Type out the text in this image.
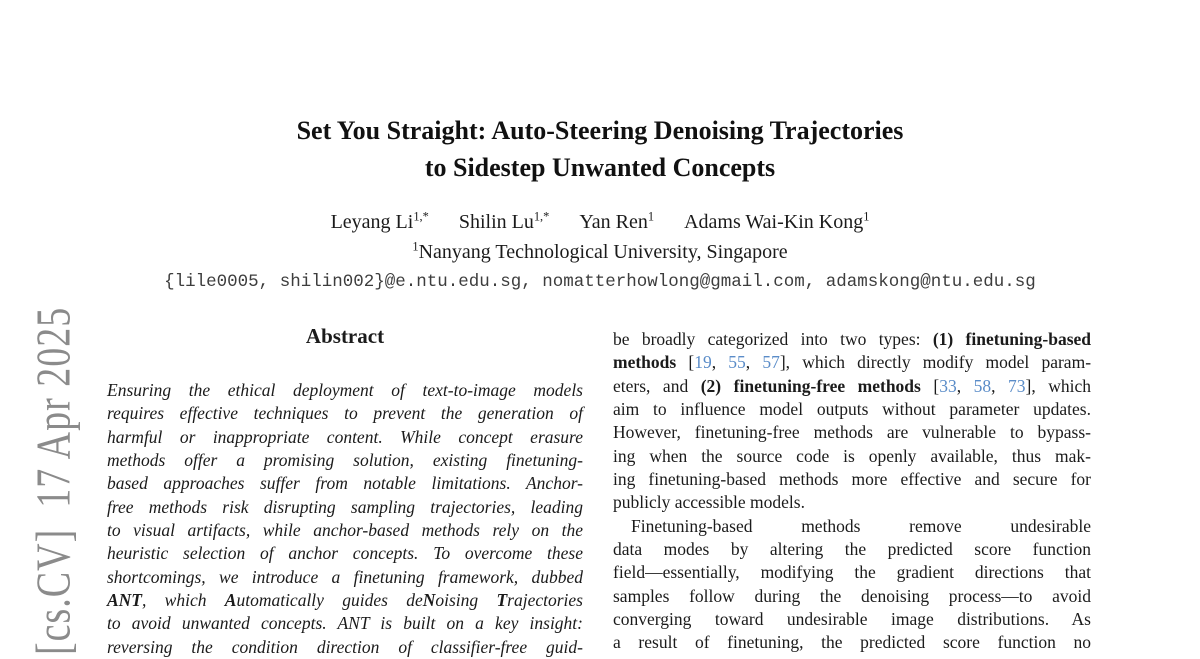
[cs.CV]  17 Apr 2025
Set You Straight: Auto-Steering Denoising Trajectories
to Sidestep Unwanted Concepts
Leyang $Li^{1,*}$ Shilin $Lu^{1,*}$ Yan Ren$^1$ Adams Wai-Kin Kong$^1$
$^1$Nanyang Technological University, Singapore
{lile0005, shilin002}@e.ntu.edu.sg, nomatterhowlong@gmail.com, adamskong@ntu.edu.sg
Abstract
Ensuring the ethical deployment of text-to-image models
requires effective techniques to prevent the generation of
harmful or inappropriate content. While concept erasure
methods offer a promising solution, existing finetuning-
based approaches suffer from notable limitations. Anchor-
free methods risk disrupting sampling trajectories, leading
to visual artifacts, while anchor-based methods rely on the
heuristic selection of anchor concepts. To overcome these
shortcomings, we introduce a finetuning framework, dubbed
ANT, which Automatically guides deNoising Trajectories
to avoid unwanted concepts. ANT is built on a key insight:
reversing the condition direction of classifier-free guid-
be broadly categorized into two types: (1) finetuning-based
methods [19, 55, 57], which directly modify model param-
eters, and (2) finetuning-free methods [33, 58, 73], which
aim to influence model outputs without parameter updates.
However, finetuning-free methods are vulnerable to bypass-
ing when the source code is openly available, thus mak-
ing finetuning-based methods more effective and secure for
publicly accessible models.
Finetuning-based methods remove undesirable
data modes by altering the predicted score function
field—essentially, modifying the gradient directions that
samples follow during the denoising process—to avoid
converging toward undesirable image distributions. As
a result of finetuning, the predicted score function no
